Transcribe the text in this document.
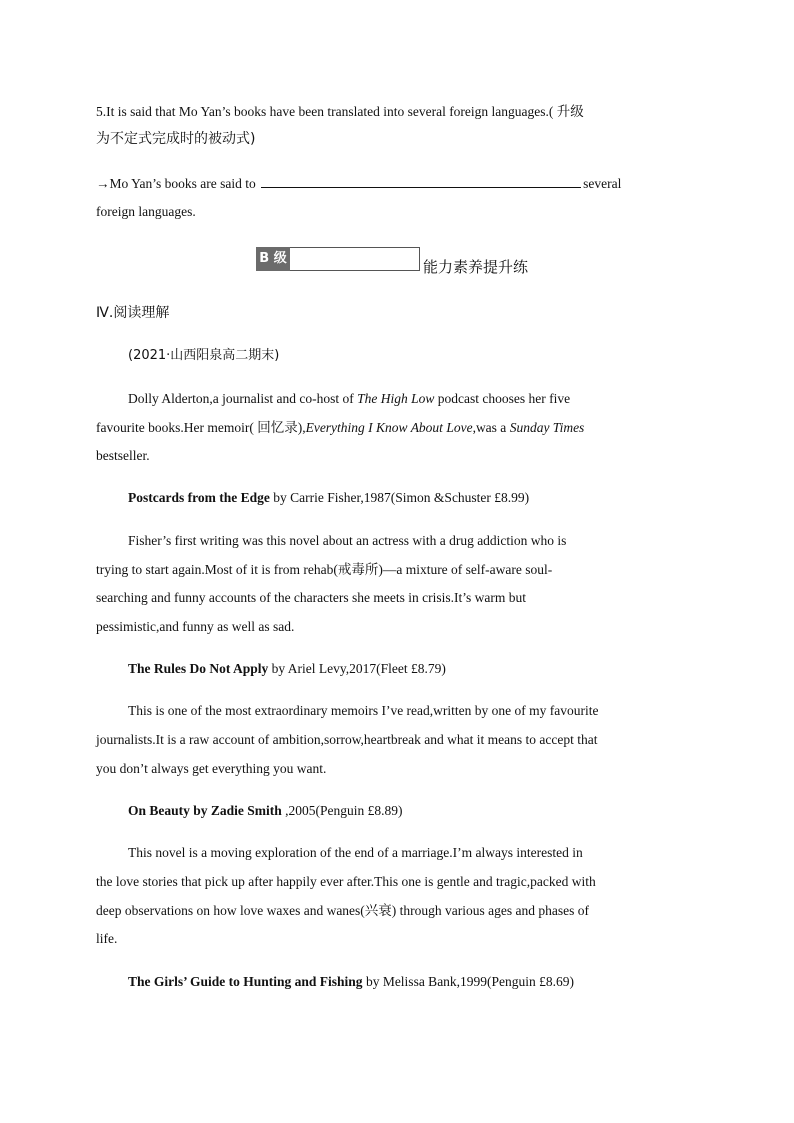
5.It is said that Mo Yan’s books have been translated into several foreign languages.( 升级
为不定式完成时的被动式)
→Mo Yan’s books are said to	several
foreign languages.
B 级	能力素养提升练
Ⅳ.阅读理解
(2021·山西阳泉高二期末)
Dolly Alderton,a journalist and co-host of The High Low podcast chooses her five
favourite books.Her memoir( 回忆录),Everything I Know About Love,was a Sunday Times
bestseller.
Postcards from the Edge by Carrie Fisher,1987(Simon &Schuster £8.99)
Fisher’s first writing was this novel about an actress with a drug addiction who is
trying to start again.Most of it is from rehab(戒毒所)—a mixture of self-aware soul-
searching and funny accounts of the characters she meets in crisis.It’s warm but
pessimistic,and funny as well as sad.
The Rules Do Not Apply by Ariel Levy,2017(Fleet £8.79)
This is one of the most extraordinary memoirs I’ve read,written by one of my favourite
journalists.It is a raw account of ambition,sorrow,heartbreak and what it means to accept that
you don’t always get everything you want.
On Beauty by Zadie Smith ,2005(Penguin £8.89)
This novel is a moving exploration of the end of a marriage.I’m always interested in
the love stories that pick up after happily ever after.This one is gentle and tragic,packed with
deep observations on how love waxes and wanes(兴衰) through various ages and phases of
life.
The Girls’ Guide to Hunting and Fishing by Melissa Bank,1999(Penguin £8.69)
